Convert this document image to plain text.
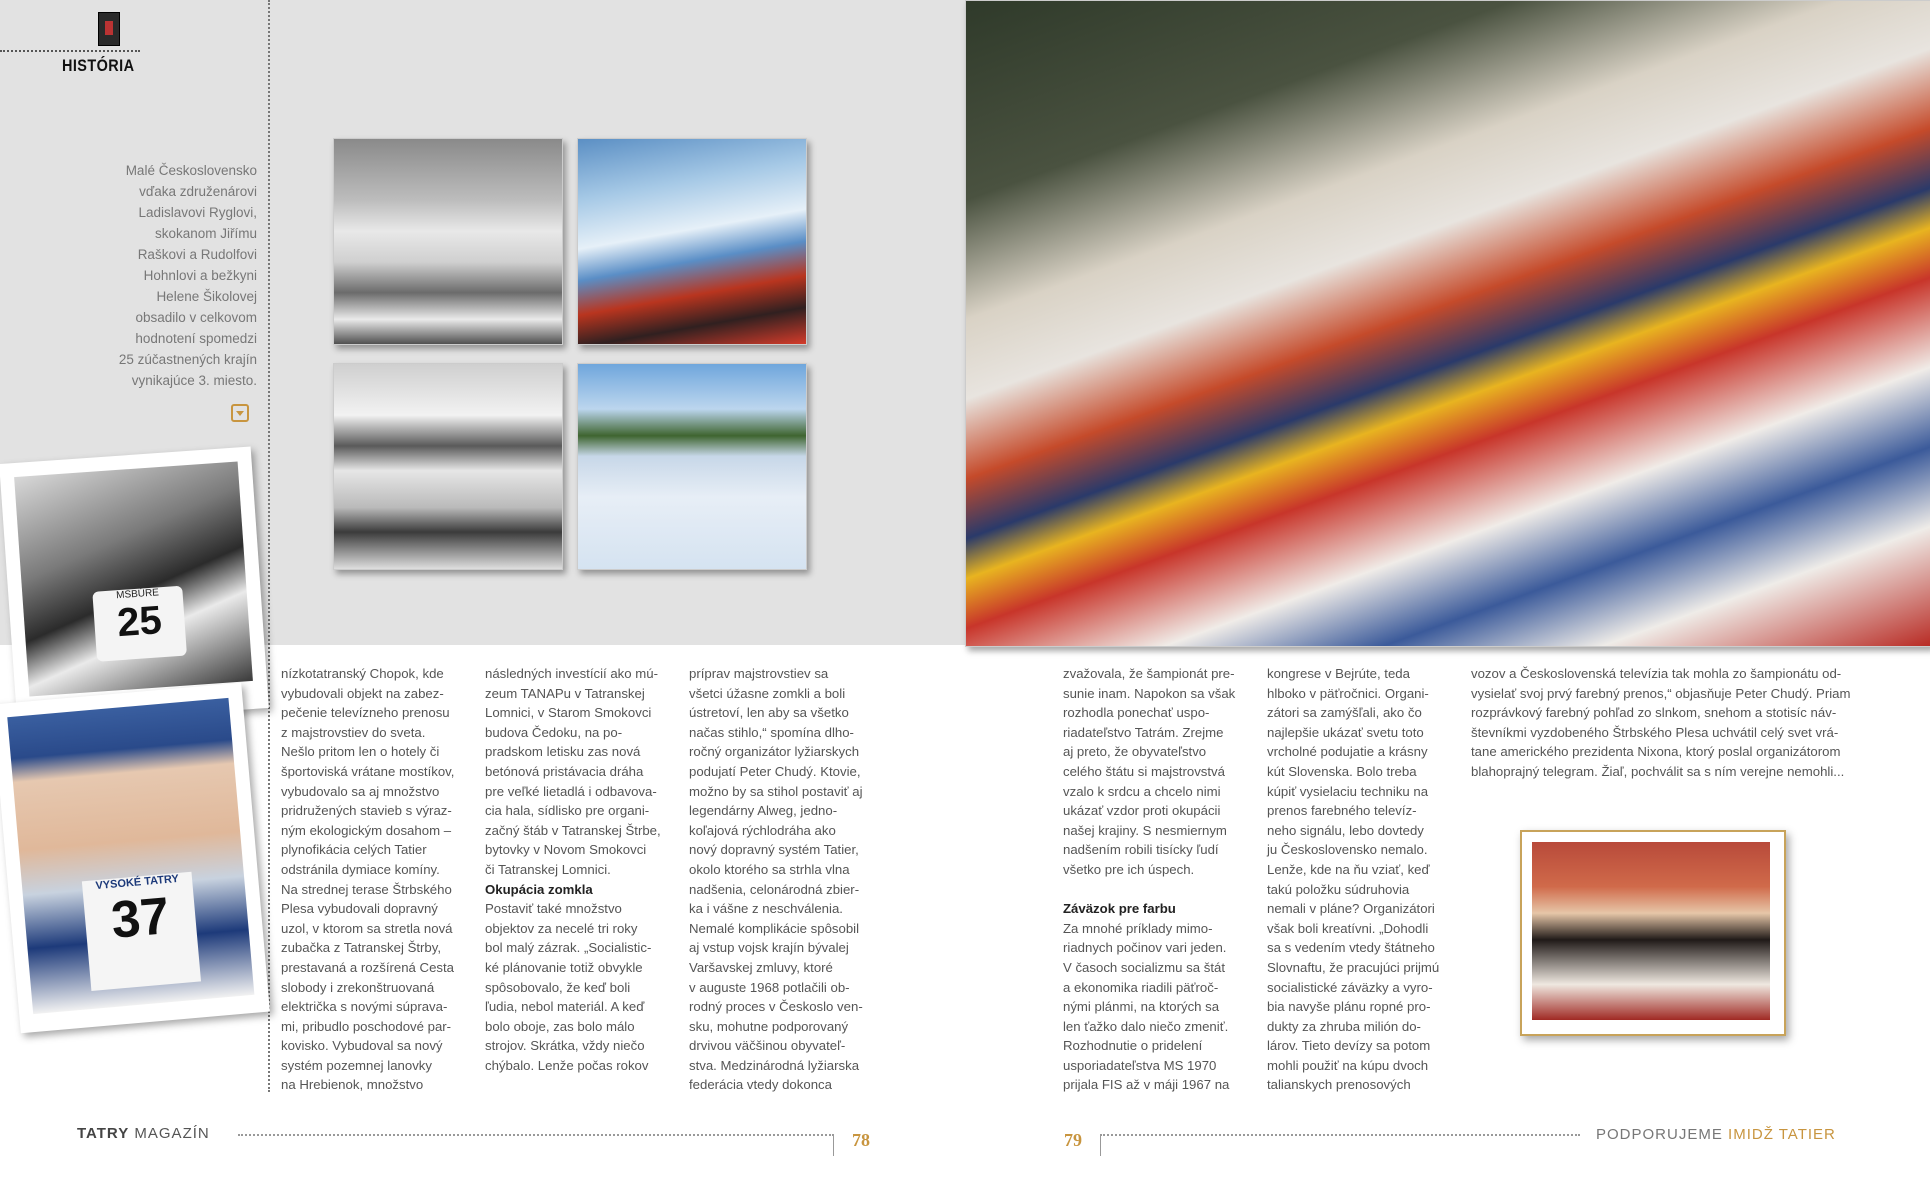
HISTÓRIA
Malé Československo
vďaka združenárovi
Ladislavovi Ryglovi,
skokanom Jiřímu
Raškovi a Rudolfovi
Hohnlovi a bežkyni
Helene Šikolovej
obsadilo v celkovom
hodnotení spomedzi
25 zúčastnených krajín
vynikajúce 3. miesto.
MSBÚRE
25
VYSOKÉ TATRY
37
nízkotatranský Chopok, kde
vybudovali objekt na zabez-
pečenie televízneho prenosu
z majstrovstiev do sveta.
Nešlo pritom len o hotely či
športoviská vrátane mostíkov,
vybudovalo sa aj množstvo
pridružených stavieb s výraz-
ným ekologickým dosahom –
plynofikácia celých Tatier
odstránila dymiace komíny.
Na strednej terase Štrbského
Plesa vybudovali dopravný
uzol, v ktorom sa stretla nová
zubačka z Tatranskej Štrby,
prestavaná a rozšírená Cesta
slobody i zrekonštruovaná
električka s novými súprava-
mi, pribudlo poschodové par-
kovisko. Vybudoval sa nový
systém pozemnej lanovky
na Hrebienok, množstvo
následných investícií ako mú-
zeum TANAPu v Tatranskej
Lomnici, v Starom Smokovci
budova Čedoku, na po-
pradskom letisku zas nová
betónová pristávacia dráha
pre veľké lietadlá i odbavova-
cia hala, sídlisko pre organi-
začný štáb v Tatranskej Štrbe,
bytovky v Novom Smokovci
či Tatranskej Lomnici.
Okupácia zomkla
Postaviť také množstvo
objektov za necelé tri roky
bol malý zázrak. „Socialistic-
ké plánovanie totiž obvykle
spôsobovalo, že keď boli
ľudia, nebol materiál. A keď
bolo oboje, zas bolo málo
strojov. Skrátka, vždy niečo
chýbalo. Lenže počas rokov
príprav majstrovstiev sa
všetci úžasne zomkli a boli
ústretoví, len aby sa všetko
načas stihlo,“ spomína dlho-
ročný organizátor lyžiarskych
podujatí Peter Chudý. Ktovie,
možno by sa stihol postaviť aj
legendárny Alweg, jedno-
koľajová rýchlodráha ako
nový dopravný systém Tatier,
okolo ktorého sa strhla vlna
nadšenia, celonárodná zbier-
ka i vášne z neschválenia.
Nemalé komplikácie spôsobil
aj vstup vojsk krajín bývalej
Varšavskej zmluvy, ktoré
v auguste 1968 potlačili ob-
rodný proces v Českoslo ven-
sku, mohutne podporovaný
drvivou väčšinou obyvateľ-
stva. Medzinárodná lyžiarska
federácia vtedy dokonca
zvažovala, že šampionát pre-
sunie inam. Napokon sa však
rozhodla ponechať uspo-
riadateľstvo Tatrám. Zrejme
aj preto, že obyvateľstvo
celého štátu si majstrovstvá
vzalo k srdcu a chcelo nimi
ukázať vzdor proti okupácii
našej krajiny. S nesmiernym
nadšením robili tisícky ľudí
všetko pre ich úspech.

Záväzok pre farbu
Za mnohé príklady mimo-
riadnych počinov vari jeden.
V časoch socializmu sa štát
a ekonomika riadili päťroč-
nými plánmi, na ktorých sa
len ťažko dalo niečo zmeniť.
Rozhodnutie o pridelení
usporiadateľstva MS 1970
prijala FIS až v máji 1967 na
kongrese v Bejrúte, teda
hlboko v päťročnici. Organi-
zátori sa zamýšľali, ako čo
najlepšie ukázať svetu toto
vrcholné podujatie a krásny
kút Slovenska. Bolo treba
kúpiť vysielaciu techniku na
prenos farebného televíz-
neho signálu, lebo dovtedy
ju Československo nemalo.
Lenže, kde na ňu vziať, keď
takú položku súdruhovia
nemali v pláne? Organizátori
však boli kreatívni. „Dohodli
sa s vedením vtedy štátneho
Slovnaftu, že pracujúci prijmú
socialistické záväzky a vyro-
bia navyše plánu ropné pro-
dukty za zhruba milión do-
lárov. Tieto devízy sa potom
mohli použiť na kúpu dvoch
talianskych prenosových
vozov a Československá televízia tak mohla zo šampionátu od-
vysielať svoj prvý farebný prenos,“ objasňuje Peter Chudý. Priam
rozprávkový farebný pohľad zo slnkom, snehom a stotisíc náv-
števníkmi vyzdobeného Štrbského Plesa uchvátil celý svet vrá-
tane amerického prezidenta Nixona, ktorý poslal organizátorom
blahoprajný telegram. Žiaľ, pochválit sa s ním verejne nemohli...
TATRY MAGAZÍN	78	79	PODPORUJEME IMIDŽ TATIER
